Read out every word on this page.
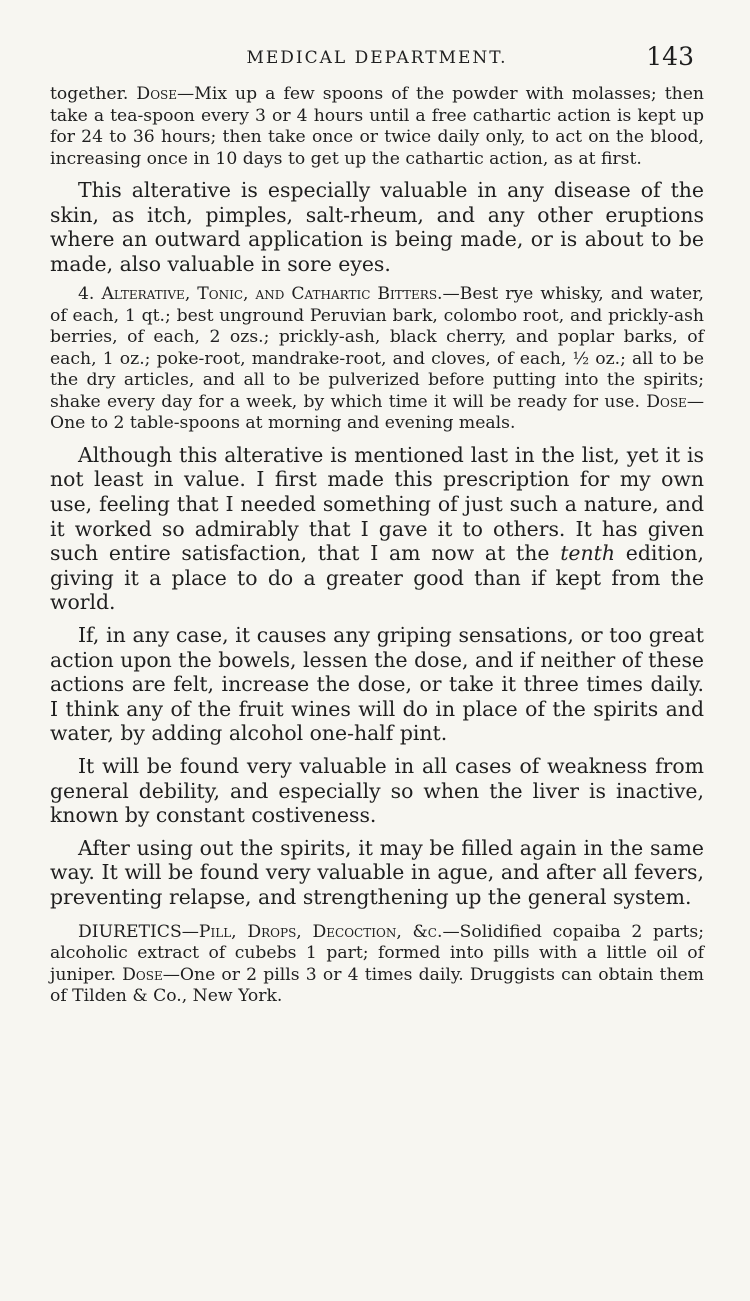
MEDICAL DEPARTMENT.	143

together. Dose—Mix up a few spoons of the powder with molasses; then take a tea-spoon every 3 or 4 hours until a free cathartic action is kept up for 24 to 36 hours; then take once or twice daily only, to act on the blood, increasing once in 10 days to get up the cathartic action, as at first.

This alterative is especially valuable in any disease of the skin, as itch, pimples, salt-rheum, and any other eruptions where an outward application is being made, or is about to be made, also valuable in sore eyes.

4. Alterative, Tonic, and Cathartic Bitters.—Best rye whisky, and water, of each, 1 qt.; best unground Peruvian bark, colombo root, and prickly-ash berries, of each, 2 ozs.; prickly-ash, black cherry, and poplar barks, of each, 1 oz.; poke-root, mandrake-root, and cloves, of each, ½ oz.; all to be the dry articles, and all to be pulverized before putting into the spirits; shake every day for a week, by which time it will be ready for use. Dose—One to 2 table-spoons at morning and evening meals.

Although this alterative is mentioned last in the list, yet it is not least in value. I first made this prescription for my own use, feeling that I needed something of just such a nature, and it worked so admirably that I gave it to others. It has given such entire satisfaction, that I am now at the tenth edition, giving it a place to do a greater good than if kept from the world.

If, in any case, it causes any griping sensations, or too great action upon the bowels, lessen the dose, and if neither of these actions are felt, increase the dose, or take it three times daily. I think any of the fruit wines will do in place of the spirits and water, by adding alcohol one-half pint.

It will be found very valuable in all cases of weakness from general debility, and especially so when the liver is inactive, known by constant costiveness.

After using out the spirits, it may be filled again in the same way. It will be found very valuable in ague, and after all fevers, preventing relapse, and strengthening up the general system.

DIURETICS—Pill, Drops, Decoction, &c.—Solidified copaiba 2 parts; alcoholic extract of cubebs 1 part; formed into pills with a little oil of juniper. Dose—One or 2 pills 3 or 4 times daily. Druggists can obtain them of Tilden & Co., New York.
